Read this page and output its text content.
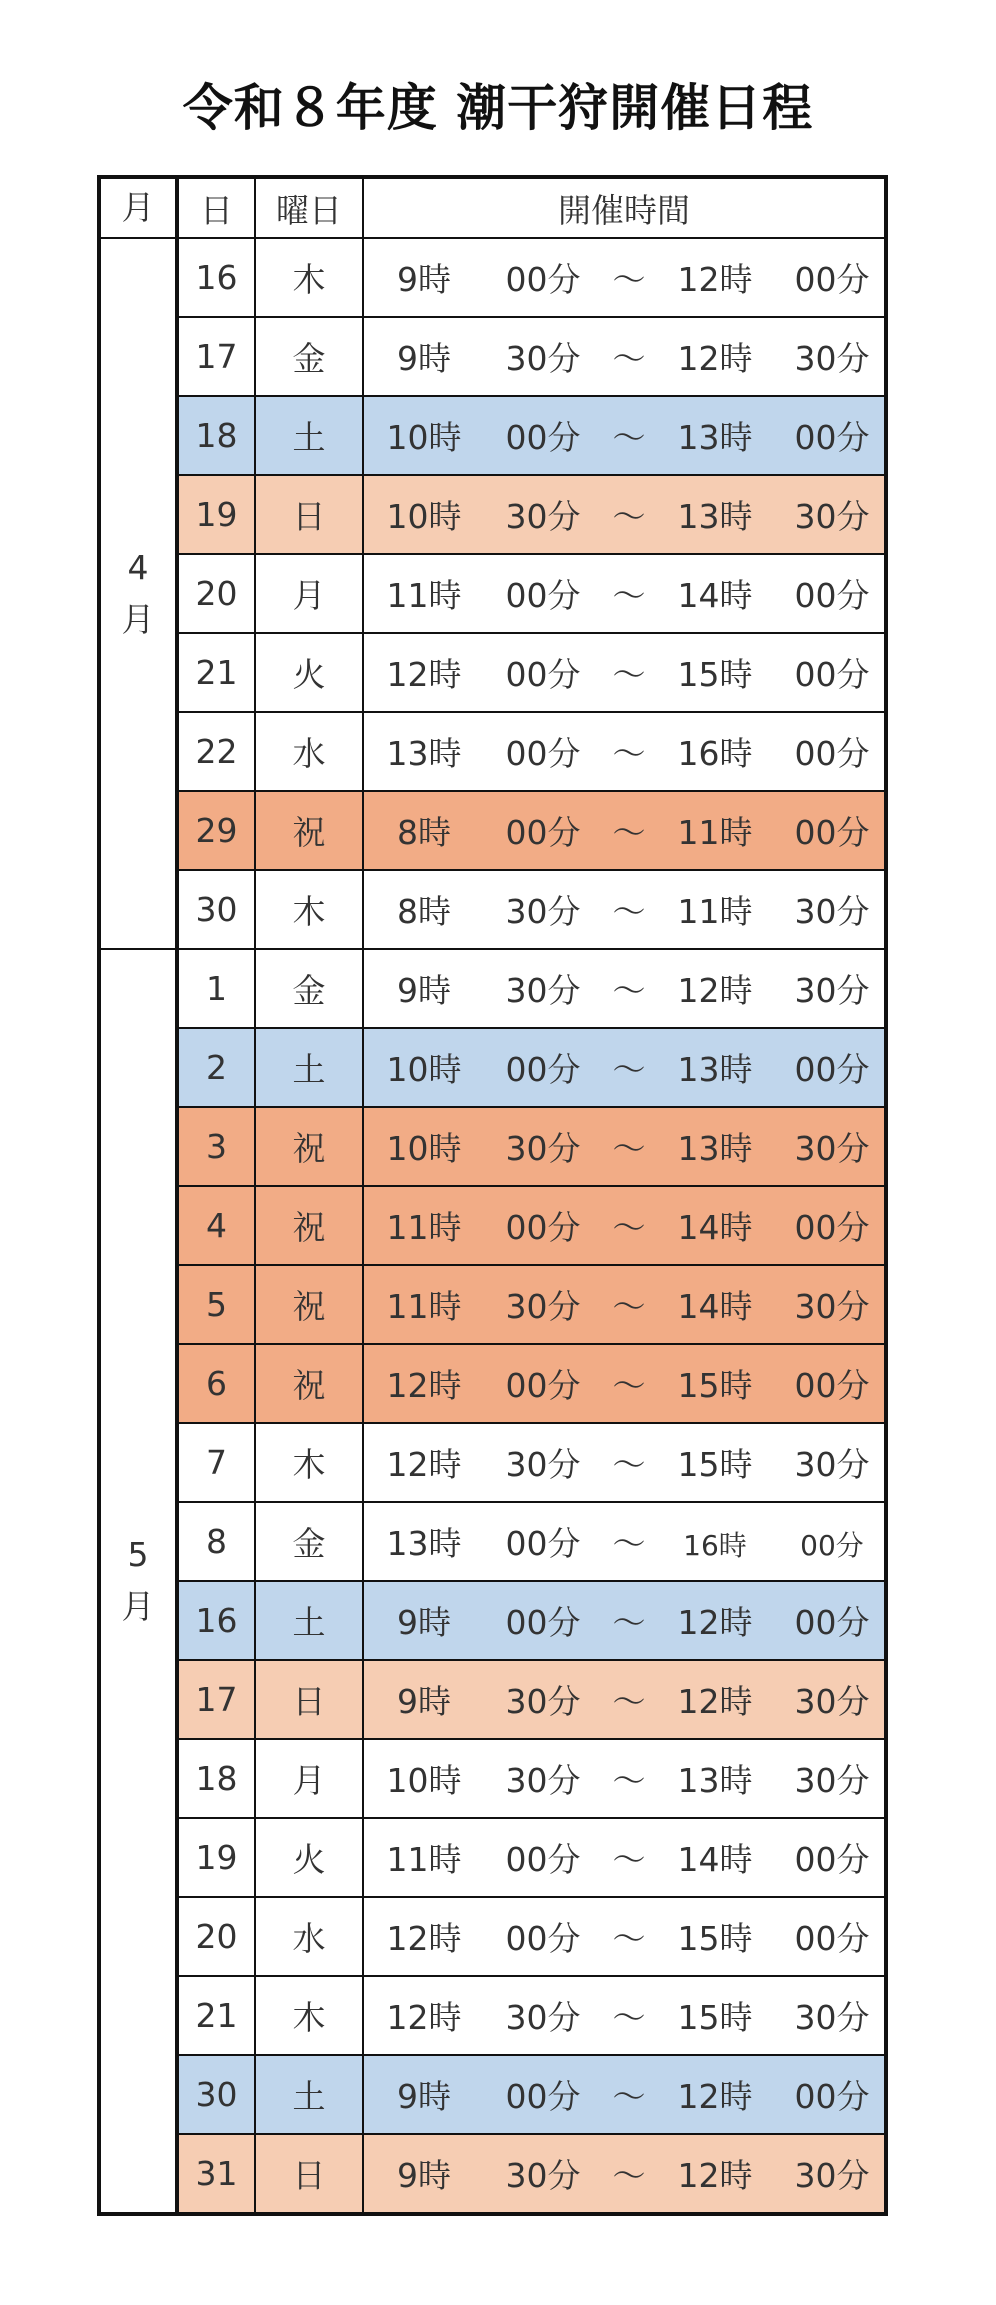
令和８年度 潮干狩開催日程
月	日	曜日	開催時間

4
月	16	木	9時 00分 〜 12時 00分
	17	金	9時 30分 〜 12時 30分
	18	土	10時 00分 〜 13時 00分
	19	日	10時 30分 〜 13時 30分
	20	月	11時 00分 〜 14時 00分
	21	火	12時 00分 〜 15時 00分
	22	水	13時 00分 〜 16時 00分
	29	祝	8時 00分 〜 11時 00分
	30	木	8時 30分 〜 11時 30分

5
月	1	金	9時 30分 〜 12時 30分
	2	土	10時 00分 〜 13時 00分
	3	祝	10時 30分 〜 13時 30分
	4	祝	11時 00分 〜 14時 00分
	5	祝	11時 30分 〜 14時 30分
	6	祝	12時 00分 〜 15時 00分
	7	木	12時 30分 〜 15時 30分
	8	金	13時 00分 〜 16時 00分
	16	土	9時 00分 〜 12時 00分
	17	日	9時 30分 〜 12時 30分
	18	月	10時 30分 〜 13時 30分
	19	火	11時 00分 〜 14時 00分
	20	水	12時 00分 〜 15時 00分
	21	木	12時 30分 〜 15時 30分
	30	土	9時 00分 〜 12時 00分
	31	日	9時 30分 〜 12時 30分
